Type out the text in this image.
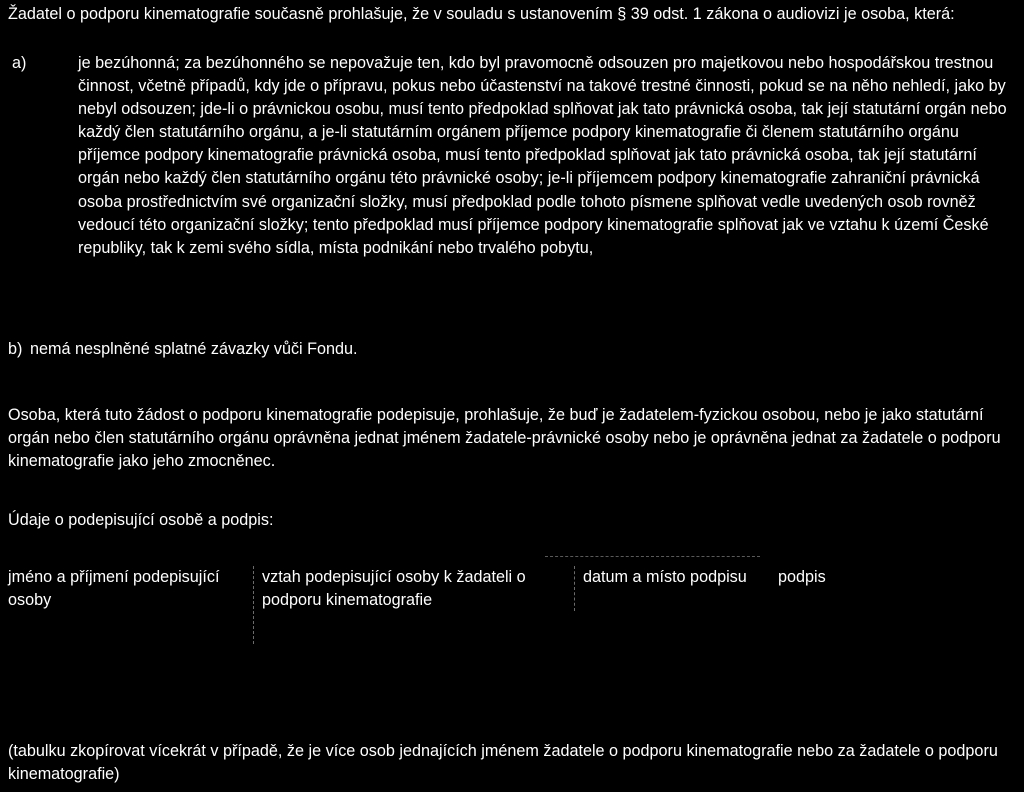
Žadatel o podporu kinematografie současně prohlašuje, že v souladu s ustanovením § 39 odst. 1 zákona o audiovizi je osoba, která:

a)	je bezúhonná; za bezúhonného se nepovažuje ten, kdo byl pravomocně odsouzen pro majetkovou nebo hospodářskou trestnou činnost, včetně případů, kdy jde o přípravu, pokus nebo účastenství na takové trestné činnosti, pokud se na něho nehledí, jako by nebyl odsouzen; jde-li o právnickou osobu, musí tento předpoklad splňovat jak tato právnická osoba, tak její statutární orgán nebo každý člen statutárního orgánu, a je-li statutárním orgánem příjemce podpory kinematografie či členem statutárního orgánu příjemce podpory kinematografie právnická osoba, musí tento předpoklad splňovat jak tato právnická osoba, tak její statutární orgán nebo každý člen statutárního orgánu této právnické osoby; je-li příjemcem podpory kinematografie zahraniční právnická osoba prostřednictvím své organizační složky, musí předpoklad podle tohoto písmene splňovat vedle uvedených osob rovněž vedoucí této organizační složky; tento předpoklad musí příjemce podpory kinematografie splňovat jak ve vztahu k území České republiky, tak k zemi svého sídla, místa podnikání nebo trvalého pobytu,
b) nemá nesplněné splatné závazky vůči Fondu.

Osoba, která tuto žádost o podporu kinematografie podepisuje, prohlašuje, že buď je žadatelem-fyzickou osobou, nebo je jako statutární orgán nebo člen statutárního orgánu oprávněna jednat jménem žadatele-právnické osoby nebo je oprávněna jednat za žadatele o podporu kinematografie jako jeho zmocněnec.

Údaje o podepisující osobě a podpis:

jméno a příjmení podepisující osoby
vztah podepisující osoby k žadateli o podporu kinematografie
datum a místo podpisu	podpis

(tabulku zkopírovat vícekrát v případě, že je více osob jednajících jménem žadatele o podporu kinematografie nebo za žadatele o podporu kinematografie)
